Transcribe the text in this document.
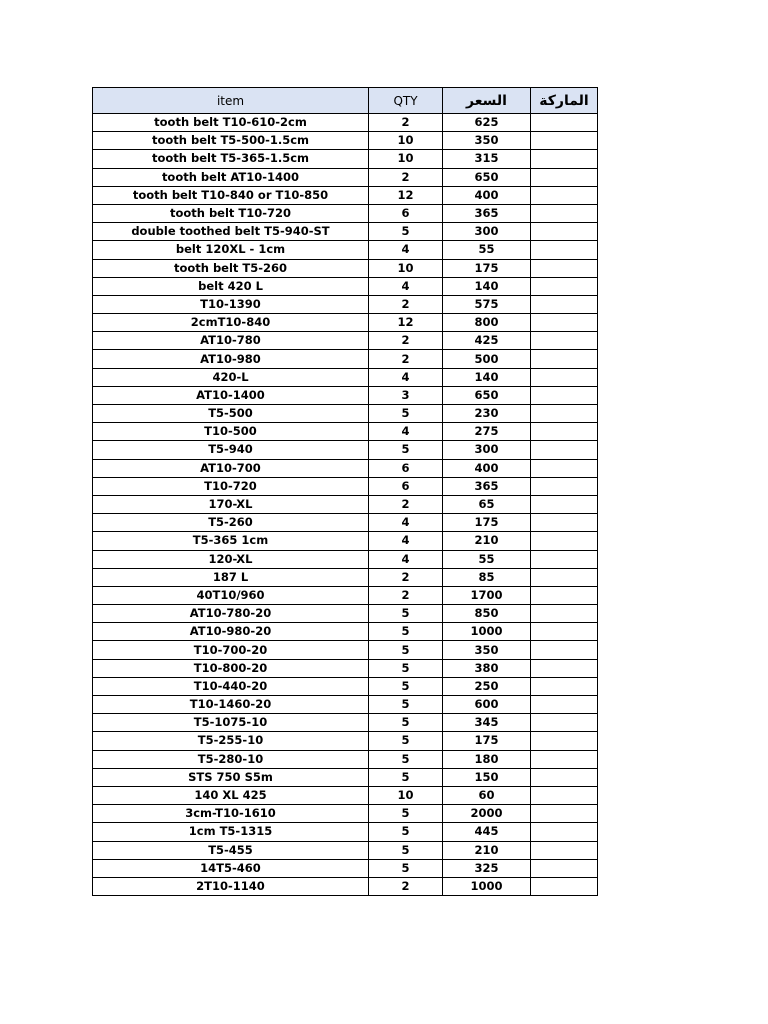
item	QTY	السعر	الماركة
tooth belt T10-610-2cm	2	625	
tooth belt T5-500-1.5cm	10	350	
tooth belt T5-365-1.5cm	10	315	
tooth belt AT10-1400	2	650	
tooth belt T10-840 or T10-850	12	400	
tooth belt T10-720	6	365	
double toothed belt T5-940-ST	5	300	
belt 120XL - 1cm	4	55	
tooth belt T5-260	10	175	
belt 420 L	4	140	
T10-1390	2	575	
2cmT10-840	12	800	
AT10-780	2	425	
AT10-980	2	500	
420-L	4	140	
AT10-1400	3	650	
T5-500	5	230	
T10-500	4	275	
T5-940	5	300	
AT10-700	6	400	
T10-720	6	365	
170-XL	2	65	
T5-260	4	175	
T5-365 1cm	4	210	
120-XL	4	55	
187 L	2	85	
40T10/960	2	1700	
AT10-780-20	5	850	
AT10-980-20	5	1000	
T10-700-20	5	350	
T10-800-20	5	380	
T10-440-20	5	250	
T10-1460-20	5	600	
T5-1075-10	5	345	
T5-255-10	5	175	
T5-280-10	5	180	
STS 750 S5m	5	150	
140 XL 425	10	60	
3cm-T10-1610	5	2000	
1cm T5-1315	5	445	
T5-455	5	210	
14T5-460	5	325	
2T10-1140	2	1000	
